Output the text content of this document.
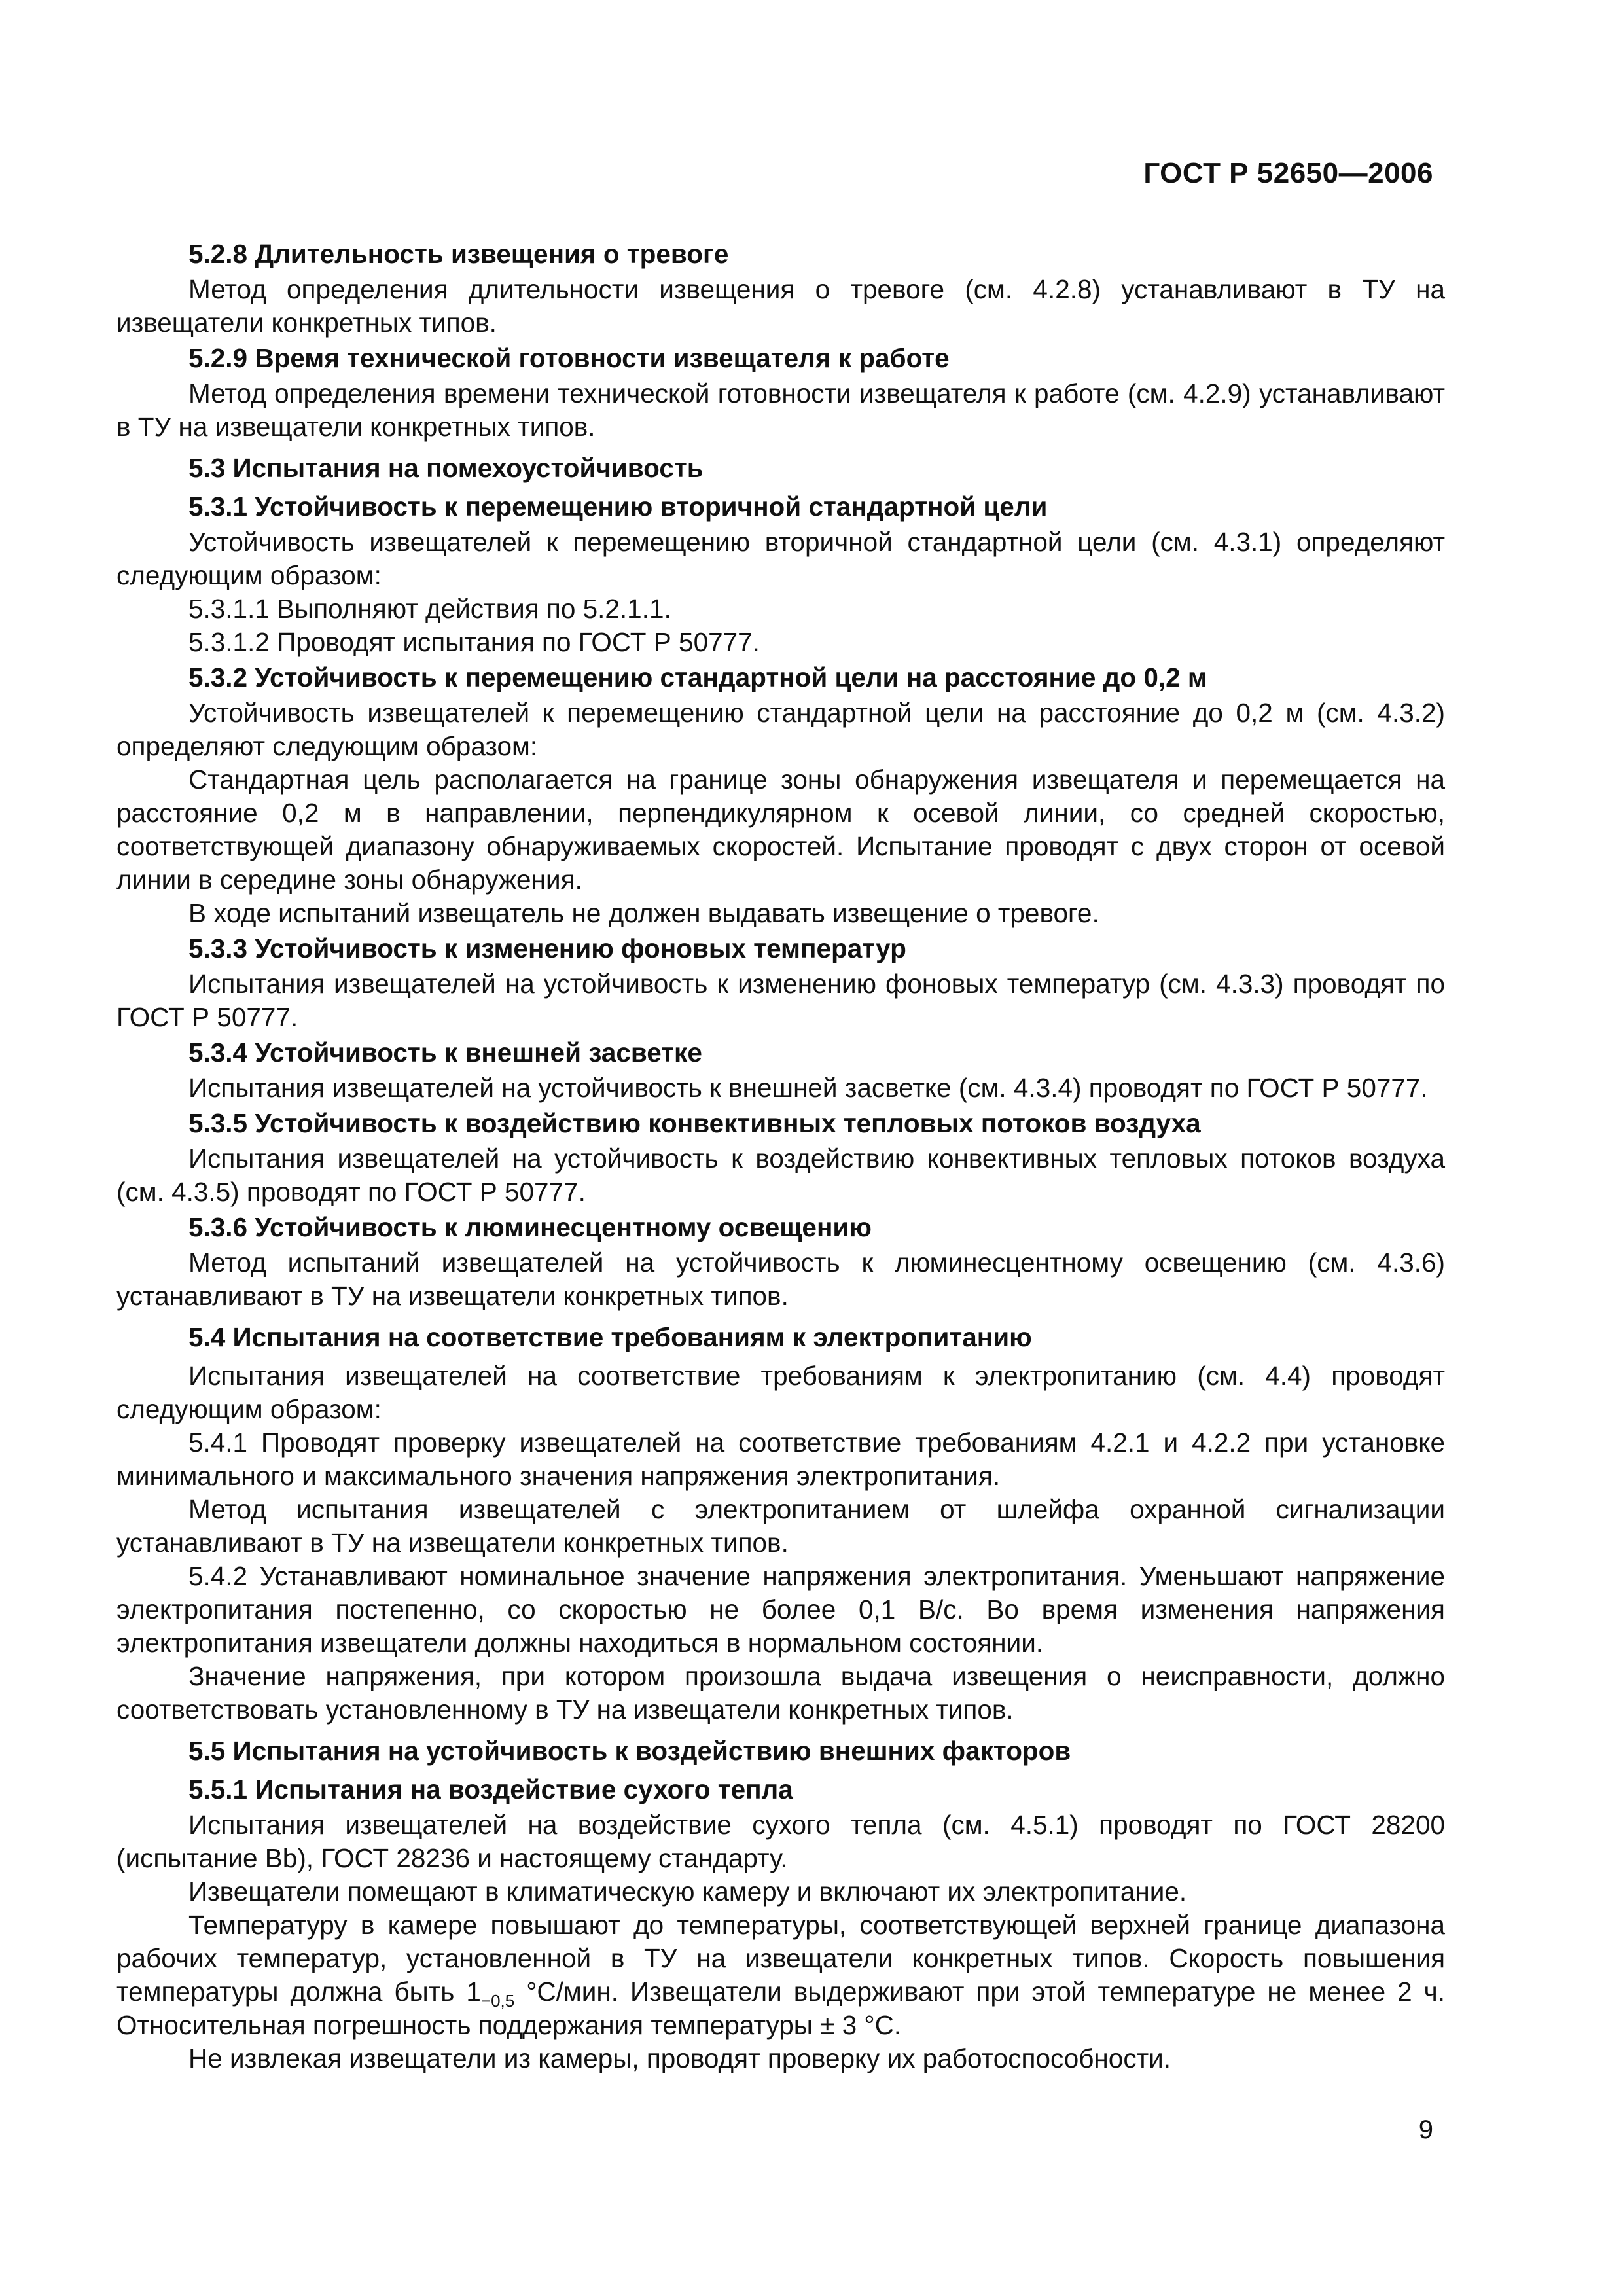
ГОСТ Р 52650—2006

5.2.8 Длительность извещения о тревоге

Метод определения длительности извещения о тревоге (см. 4.2.8) устанавливают в ТУ на извещатели конкретных типов.

5.2.9 Время технической готовности извещателя к работе

Метод определения времени технической готовности извещателя к работе (см. 4.2.9) устанавливают в ТУ на извещатели конкретных типов.

5.3 Испытания на помехоустойчивость

5.3.1 Устойчивость к перемещению вторичной стандартной цели

Устойчивость извещателей к перемещению вторичной стандартной цели (см. 4.3.1) определяют следующим образом:

5.3.1.1 Выполняют действия по 5.2.1.1.

5.3.1.2 Проводят испытания по ГОСТ Р 50777.

5.3.2 Устойчивость к перемещению стандартной цели на расстояние до 0,2 м

Устойчивость извещателей к перемещению стандартной цели на расстояние до 0,2 м (см. 4.3.2) определяют следующим образом:

Стандартная цель располагается на границе зоны обнаружения извещателя и перемещается на расстояние 0,2 м в направлении, перпендикулярном к осевой линии, со средней скоростью, соответствующей диапазону обнаруживаемых скоростей. Испытание проводят с двух сторон от осевой линии в середине зоны обнаружения.

В ходе испытаний извещатель не должен выдавать извещение о тревоге.

5.3.3 Устойчивость к изменению фоновых температур

Испытания извещателей на устойчивость к изменению фоновых температур (см. 4.3.3) проводят по ГОСТ Р 50777.

5.3.4 Устойчивость к внешней засветке

Испытания извещателей на устойчивость к внешней засветке (см. 4.3.4) проводят по ГОСТ Р 50777.

5.3.5 Устойчивость к воздействию конвективных тепловых потоков воздуха

Испытания извещателей на устойчивость к воздействию конвективных тепловых потоков воздуха (см. 4.3.5) проводят по ГОСТ Р 50777.

5.3.6 Устойчивость к люминесцентному освещению

Метод испытаний извещателей на устойчивость к люминесцентному освещению (см. 4.3.6) устанавливают в ТУ на извещатели конкретных типов.

5.4 Испытания на соответствие требованиям к электропитанию

Испытания извещателей на соответствие требованиям к электропитанию (см. 4.4) проводят следующим образом:

5.4.1 Проводят проверку извещателей на соответствие требованиям 4.2.1 и 4.2.2 при установке минимального и максимального значения напряжения электропитания.

Метод испытания извещателей с электропитанием от шлейфа охранной сигнализации устанавливают в ТУ на извещатели конкретных типов.

5.4.2 Устанавливают номинальное значение напряжения электропитания. Уменьшают напряжение электропитания постепенно, со скоростью не более 0,1 В/с. Во время изменения напряжения электропитания извещатели должны находиться в нормальном состоянии.

Значение напряжения, при котором произошла выдача извещения о неисправности, должно соответствовать установленному в ТУ на извещатели конкретных типов.

5.5 Испытания на устойчивость к воздействию внешних факторов

5.5.1 Испытания на воздействие сухого тепла

Испытания извещателей на воздействие сухого тепла (см. 4.5.1) проводят по ГОСТ 28200 (испытание Bb), ГОСТ 28236 и настоящему стандарту.

Извещатели помещают в климатическую камеру и включают их электропитание.

Температуру в камере повышают до температуры, соответствующей верхней границе диапазона рабочих температур, установленной в ТУ на извещатели конкретных типов. Скорость повышения температуры должна быть $1_{-0,5}$ °С/мин. Извещатели выдерживают при этой температуре не менее 2 ч. Относительная погрешность поддержания температуры ± 3 °С.

Не извлекая извещатели из камеры, проводят проверку их работоспособности.

9
